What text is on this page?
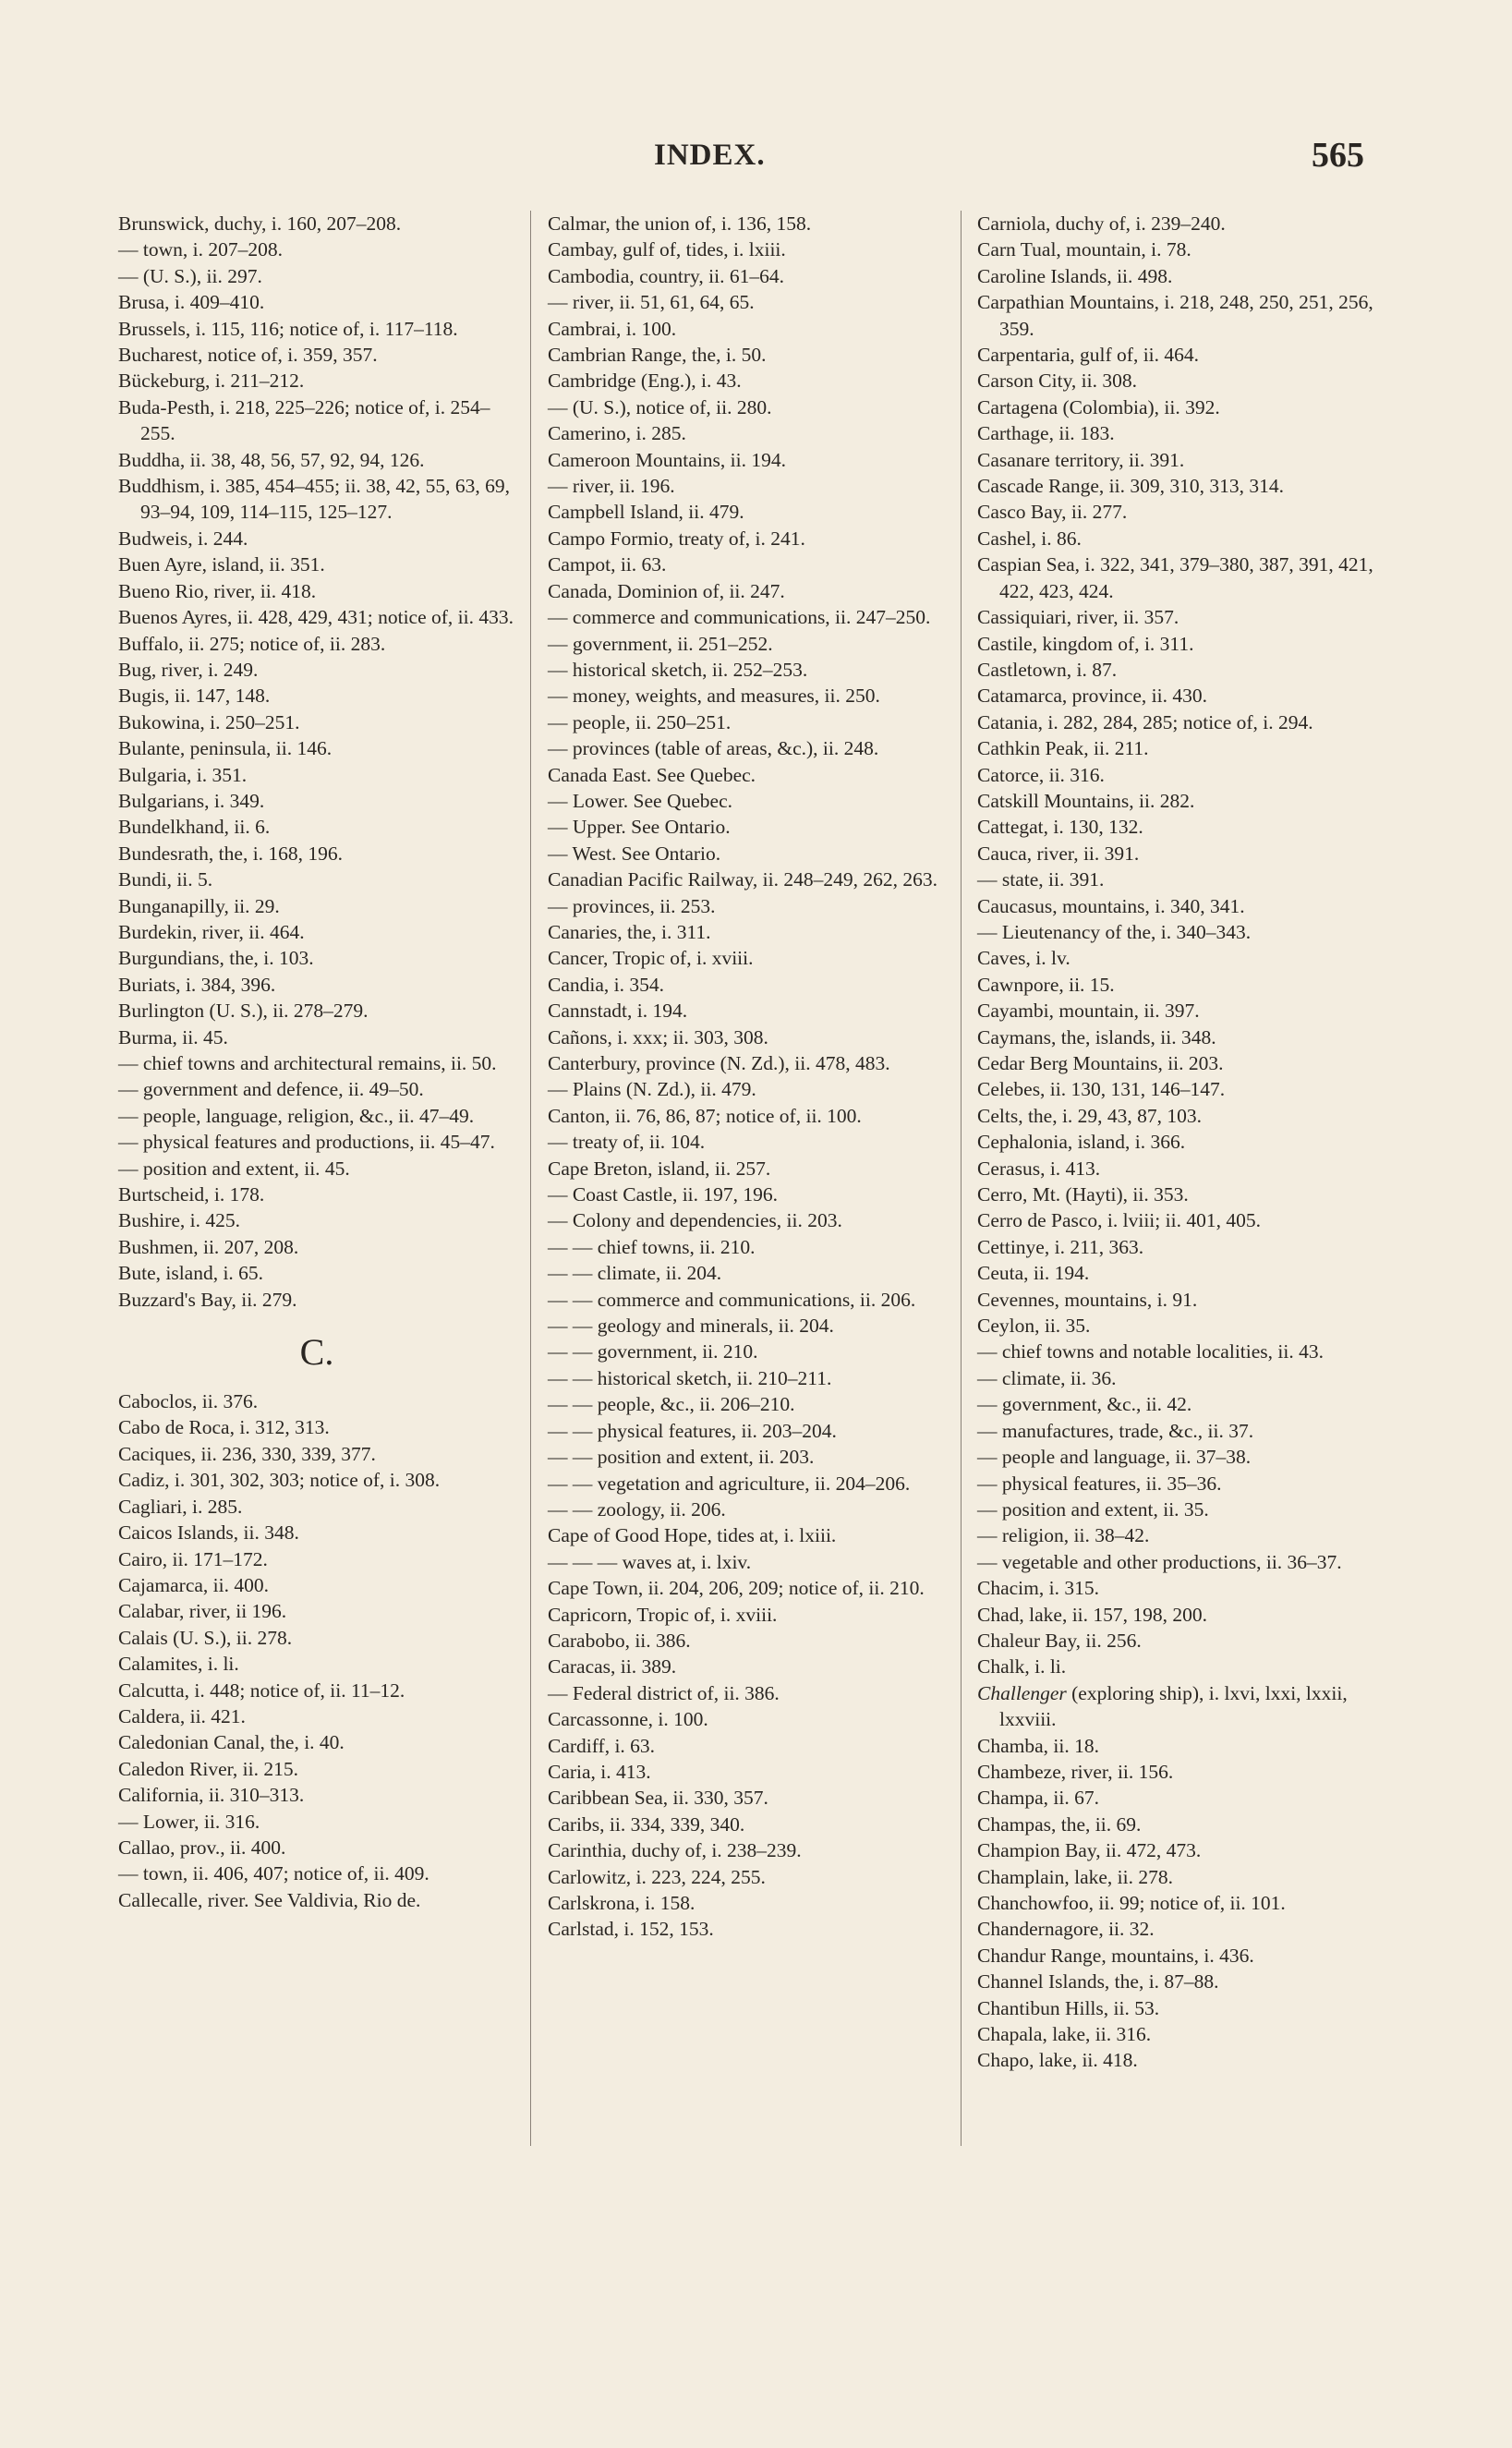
INDEX.	565
Brunswick, duchy, i. 160, 207–208.
— town, i. 207–208.
— (U. S.), ii. 297.
Brusa, i. 409–410.
Brussels, i. 115, 116; notice of, i. 117–118.
Bucharest, notice of, i. 359, 357.
Bückeburg, i. 211–212.
Buda-Pesth, i. 218, 225–226; notice of, i. 254–255.
Buddha, ii. 38, 48, 56, 57, 92, 94, 126.
Buddhism, i. 385, 454–455; ii. 38, 42, 55, 63, 69, 93–94, 109, 114–115, 125–127.
Budweis, i. 244.
Buen Ayre, island, ii. 351.
Bueno Rio, river, ii. 418.
Buenos Ayres, ii. 428, 429, 431; notice of, ii. 433.
Buffalo, ii. 275; notice of, ii. 283.
Bug, river, i. 249.
Bugis, ii. 147, 148.
Bukowina, i. 250–251.
Bulante, peninsula, ii. 146.
Bulgaria, i. 351.
Bulgarians, i. 349.
Bundelkhand, ii. 6.
Bundesrath, the, i. 168, 196.
Bundi, ii. 5.
Bunganapilly, ii. 29.
Burdekin, river, ii. 464.
Burgundians, the, i. 103.
Buriats, i. 384, 396.
Burlington (U. S.), ii. 278–279.
Burma, ii. 45.
— chief towns and architectural remains, ii. 50.
— government and defence, ii. 49–50.
— people, language, religion, &c., ii. 47–49.
— physical features and productions, ii. 45–47.
— position and extent, ii. 45.
Burtscheid, i. 178.
Bushire, i. 425.
Bushmen, ii. 207, 208.
Bute, island, i. 65.
Buzzard's Bay, ii. 279.
C.
Caboclos, ii. 376.
Cabo de Roca, i. 312, 313.
Caciques, ii. 236, 330, 339, 377.
Cadiz, i. 301, 302, 303; notice of, i. 308.
Cagliari, i. 285.
Caicos Islands, ii. 348.
Cairo, ii. 171–172.
Cajamarca, ii. 400.
Calabar, river, ii 196.
Calais (U. S.), ii. 278.
Calamites, i. li.
Calcutta, i. 448; notice of, ii. 11–12.
Caldera, ii. 421.
Caledonian Canal, the, i. 40.
Caledon River, ii. 215.
California, ii. 310–313.
— Lower, ii. 316.
Callao, prov., ii. 400.
— town, ii. 406, 407; notice of, ii. 409.
Callecalle, river. See Valdivia, Rio de.
Calmar, the union of, i. 136, 158.
Cambay, gulf of, tides, i. lxiii.
Cambodia, country, ii. 61–64.
— river, ii. 51, 61, 64, 65.
Cambrai, i. 100.
Cambrian Range, the, i. 50.
Cambridge (Eng.), i. 43.
— (U. S.), notice of, ii. 280.
Camerino, i. 285.
Cameroon Mountains, ii. 194.
— river, ii. 196.
Campbell Island, ii. 479.
Campo Formio, treaty of, i. 241.
Campot, ii. 63.
Canada, Dominion of, ii. 247.
— commerce and communications, ii. 247–250.
— government, ii. 251–252.
— historical sketch, ii. 252–253.
— money, weights, and measures, ii. 250.
— people, ii. 250–251.
— provinces (table of areas, &c.), ii. 248.
Canada East. See Quebec.
— Lower. See Quebec.
— Upper. See Ontario.
— West. See Ontario.
Canadian Pacific Railway, ii. 248–249, 262, 263.
— provinces, ii. 253.
Canaries, the, i. 311.
Cancer, Tropic of, i. xviii.
Candia, i. 354.
Cannstadt, i. 194.
Cañons, i. xxx; ii. 303, 308.
Canterbury, province (N. Zd.), ii. 478, 483.
— Plains (N. Zd.), ii. 479.
Canton, ii. 76, 86, 87; notice of, ii. 100.
— treaty of, ii. 104.
Cape Breton, island, ii. 257.
— Coast Castle, ii. 197, 196.
— Colony and dependencies, ii. 203.
— — chief towns, ii. 210.
— — climate, ii. 204.
— — commerce and communications, ii. 206.
— — geology and minerals, ii. 204.
— — government, ii. 210.
— — historical sketch, ii. 210–211.
— — people, &c., ii. 206–210.
— — physical features, ii. 203–204.
— — position and extent, ii. 203.
— — vegetation and agriculture, ii. 204–206.
— — zoology, ii. 206.
Cape of Good Hope, tides at, i. lxiii.
— — — waves at, i. lxiv.
Cape Town, ii. 204, 206, 209; notice of, ii. 210.
Capricorn, Tropic of, i. xviii.
Carabobo, ii. 386.
Caracas, ii. 389.
— Federal district of, ii. 386.
Carcassonne, i. 100.
Cardiff, i. 63.
Caria, i. 413.
Caribbean Sea, ii. 330, 357.
Caribs, ii. 334, 339, 340.
Carinthia, duchy of, i. 238–239.
Carlowitz, i. 223, 224, 255.
Carlskrona, i. 158.
Carlstad, i. 152, 153.
Carniola, duchy of, i. 239–240.
Carn Tual, mountain, i. 78.
Caroline Islands, ii. 498.
Carpathian Mountains, i. 218, 248, 250, 251, 256, 359.
Carpentaria, gulf of, ii. 464.
Carson City, ii. 308.
Cartagena (Colombia), ii. 392.
Carthage, ii. 183.
Casanare territory, ii. 391.
Cascade Range, ii. 309, 310, 313, 314.
Casco Bay, ii. 277.
Cashel, i. 86.
Caspian Sea, i. 322, 341, 379–380, 387, 391, 421, 422, 423, 424.
Cassiquiari, river, ii. 357.
Castile, kingdom of, i. 311.
Castletown, i. 87.
Catamarca, province, ii. 430.
Catania, i. 282, 284, 285; notice of, i. 294.
Cathkin Peak, ii. 211.
Catorce, ii. 316.
Catskill Mountains, ii. 282.
Cattegat, i. 130, 132.
Cauca, river, ii. 391.
— state, ii. 391.
Caucasus, mountains, i. 340, 341.
— Lieutenancy of the, i. 340–343.
Caves, i. lv.
Cawnpore, ii. 15.
Cayambi, mountain, ii. 397.
Caymans, the, islands, ii. 348.
Cedar Berg Mountains, ii. 203.
Celebes, ii. 130, 131, 146–147.
Celts, the, i. 29, 43, 87, 103.
Cephalonia, island, i. 366.
Cerasus, i. 413.
Cerro, Mt. (Hayti), ii. 353.
Cerro de Pasco, i. lviii; ii. 401, 405.
Cettinye, i. 211, 363.
Ceuta, ii. 194.
Cevennes, mountains, i. 91.
Ceylon, ii. 35.
— chief towns and notable localities, ii. 43.
— climate, ii. 36.
— government, &c., ii. 42.
— manufactures, trade, &c., ii. 37.
— people and language, ii. 37–38.
— physical features, ii. 35–36.
— position and extent, ii. 35.
— religion, ii. 38–42.
— vegetable and other productions, ii. 36–37.
Chacim, i. 315.
Chad, lake, ii. 157, 198, 200.
Chaleur Bay, ii. 256.
Chalk, i. li.
Challenger (exploring ship), i. lxvi, lxxi, lxxii, lxxviii.
Chamba, ii. 18.
Chambeze, river, ii. 156.
Champa, ii. 67.
Champas, the, ii. 69.
Champion Bay, ii. 472, 473.
Champlain, lake, ii. 278.
Chanchowfoo, ii. 99; notice of, ii. 101.
Chandernagore, ii. 32.
Chandur Range, mountains, i. 436.
Channel Islands, the, i. 87–88.
Chantibun Hills, ii. 53.
Chapala, lake, ii. 316.
Chapo, lake, ii. 418.
